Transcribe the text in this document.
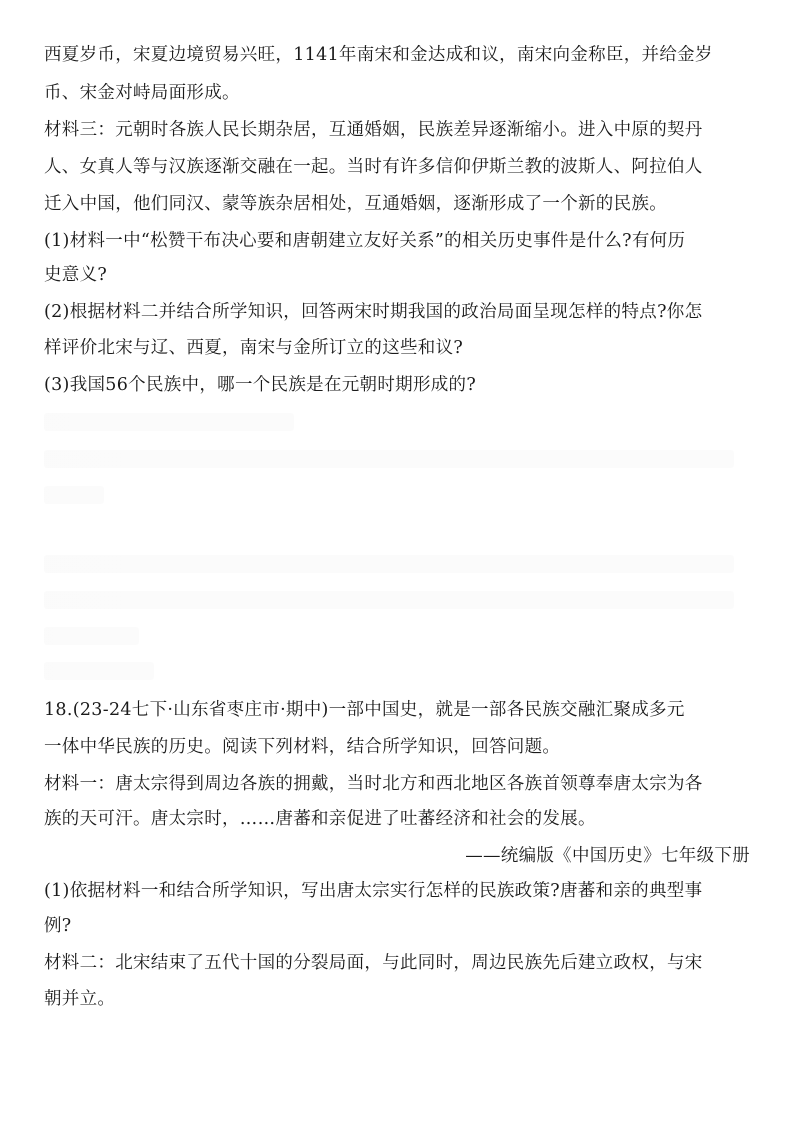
西夏岁币，宋夏边境贸易兴旺，1141年南宋和金达成和议，南宋向金称臣，并给金岁
币、宋金对峙局面形成。
材料三：元朝时各族人民长期杂居，互通婚姻，民族差异逐渐缩小。进入中原的契丹
人、女真人等与汉族逐渐交融在一起。当时有许多信仰伊斯兰教的波斯人、阿拉伯人
迁入中国，他们同汉、蒙等族杂居相处，互通婚姻，逐渐形成了一个新的民族。
(1)材料一中“松赞干布决心要和唐朝建立友好关系”的相关历史事件是什么?有何历
史意义?
(2)根据材料二并结合所学知识，回答两宋时期我国的政治局面呈现怎样的特点?你怎
样评价北宋与辽、西夏，南宋与金所订立的这些和议?
(3)我国56个民族中，哪一个民族是在元朝时期形成的?
18.(23-24七下·山东省枣庄市·期中)一部中国史，就是一部各民族交融汇聚成多元
一体中华民族的历史。阅读下列材料，结合所学知识，回答问题。
材料一：唐太宗得到周边各族的拥戴，当时北方和西北地区各族首领尊奉唐太宗为各
族的天可汗。唐太宗时，……唐蕃和亲促进了吐蕃经济和社会的发展。
——统编版《中国历史》七年级下册
(1)依据材料一和结合所学知识，写出唐太宗实行怎样的民族政策?唐蕃和亲的典型事
例?
材料二：北宋结束了五代十国的分裂局面，与此同时，周边民族先后建立政权，与宋
朝并立。
